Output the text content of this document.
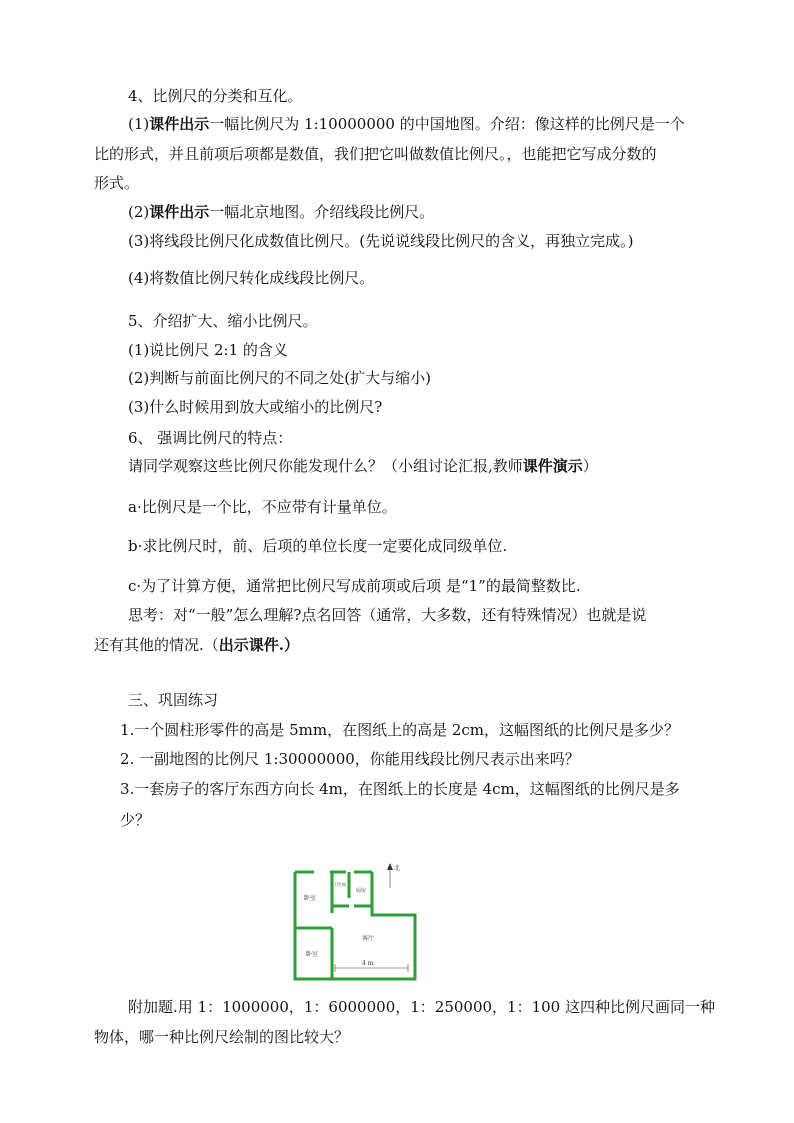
4、比例尺的分类和互化。
(1)课件出示一幅比例尺为 1:10000000 的中国地图。介绍：像这样的比例尺是一个
比的形式，并且前项后项都是数值，我们把它叫做数值比例尺。，也能把它写成分数的
形式。
(2)课件出示一幅北京地图。介绍线段比例尺。
(3)将线段比例尺化成数值比例尺。(先说说线段比例尺的含义，再独立完成。)
(4)将数值比例尺转化成线段比例尺。
5、介绍扩大、缩小比例尺。
(1)说比例尺 2:1 的含义
(2)判断与前面比例尺的不同之处(扩大与缩小)
(3)什么时候用到放大或缩小的比例尺?
6、 强调比例尺的特点：
请同学观察这些比例尺你能发现什么？（小组讨论汇报,教师课件演示）
a·比例尺是一个比，不应带有计量单位。
b·求比例尺时，前、后项的单位长度一定要化成同级单位.
c·为了计算方便，通常把比例尺写成前项或后项 是“1”的最简整数比.
思考：对“一般”怎么理解?点名回答（通常，大多数，还有特殊情况）也就是说
还有其他的情况.（出示课件.）
三、巩固练习
1.一个圆柱形零件的高是 5mm，在图纸上的高是 2cm，这幅图纸的比例尺是多少？
2. 一副地图的比例尺 1:30000000，你能用线段比例尺表示出来吗？
3.一套房子的客厅东西方向长 4m，在图纸上的长度是 4cm，这幅图纸的比例尺是多
少？
北
卧室
卧室
客厅
厨房
卫生间
4 m
附加题.用 1：1000000，1：6000000，1：250000，1：100 这四种比例尺画同一种
物体，哪一种比例尺绘制的图比较大？
